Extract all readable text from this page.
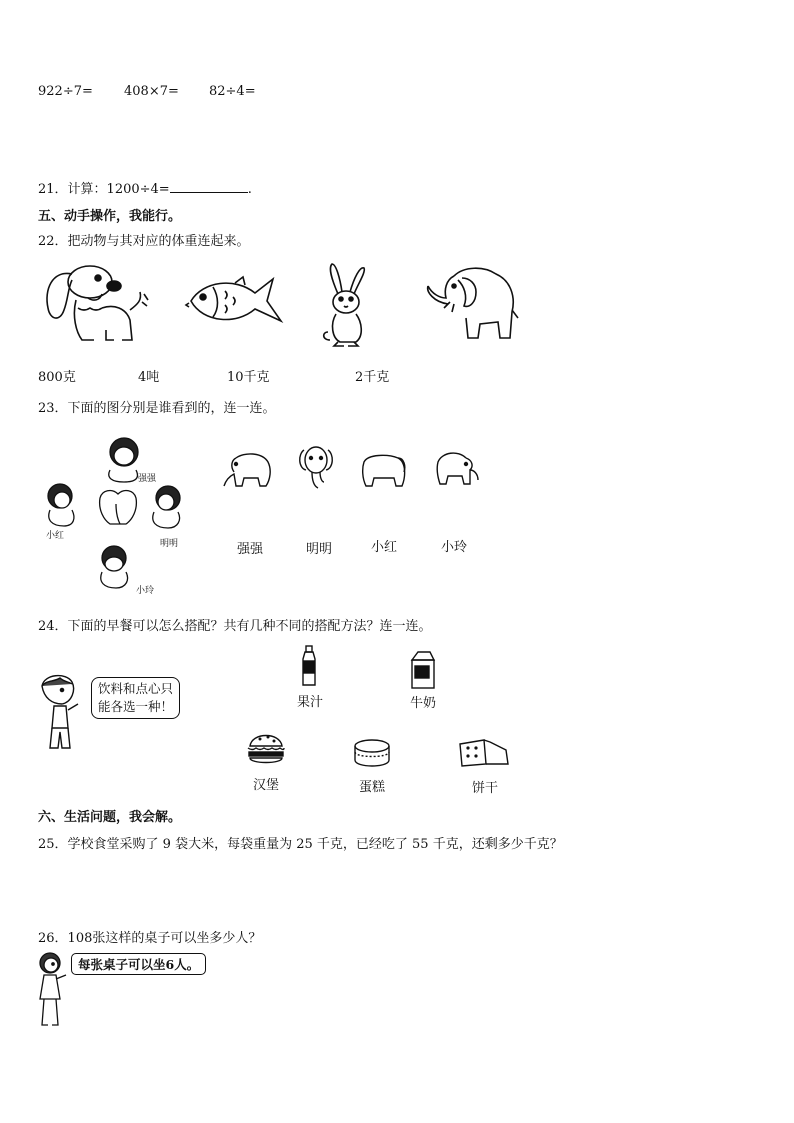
922÷7= 408×7= 82÷4=
21．计算：1200÷4=	.
五、动手操作，我能行。
22．把动物与其对应的体重连起来。
800克	4吨	10千克	2千克
23．下面的图分别是谁看到的，连一连。
强强
小红
明明
小玲
强强	明明	小红	小玲
24．下面的早餐可以怎么搭配？共有几种不同的搭配方法？连一连。
饮料和点心只
能各选一种！	果汁	牛奶
汉堡	蛋糕	饼干
六、生活问题，我会解。
25．学校食堂采购了 9 袋大米，每袋重量为 25 千克，已经吃了 55 千克，还剩多少千克？
26．108张这样的桌子可以坐多少人？
每张桌子可以坐6人。
